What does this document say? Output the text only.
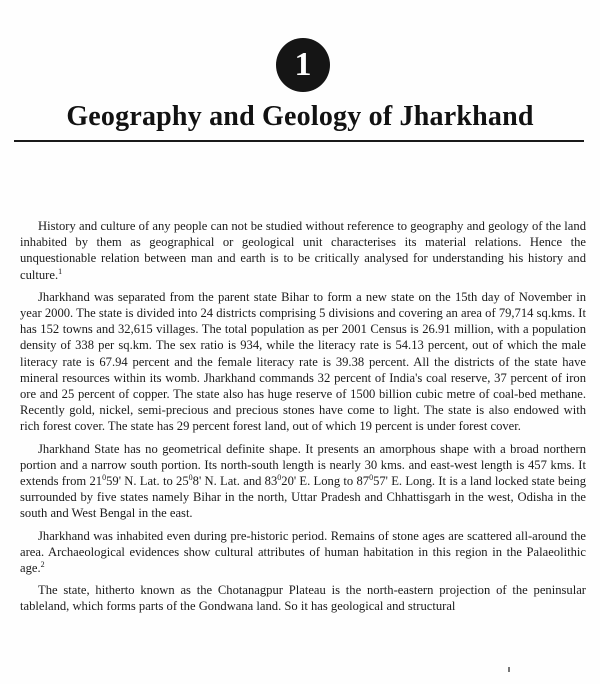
1
Geography and Geology of Jharkhand

History and culture of any people can not be studied without reference to geography and geology of the land inhabited by them as geographical or geological unit characterises its material relations. Hence the unquestionable relation between man and earth is to be critically analysed for understanding his history and culture.$^1$

Jharkhand was separated from the parent state Bihar to form a new state on the 15th day of November in year 2000. The state is divided into 24 districts comprising 5 divisions and covering an area of 79,714 sq.kms. It has 152 towns and 32,615 villages. The total population as per 2001 Census is 26.91 million, with a population density of 338 per sq.km. The sex ratio is 934, while the literacy rate is 54.13 percent, out of which the male literacy rate is 67.94 percent and the female literacy rate is 39.38 percent. All the districts of the state have mineral resources within its womb. Jharkhand commands 32 percent of India's coal reserve, 37 percent of iron ore and 25 percent of copper. The state also has huge reserve of 1500 billion cubic metre of coal-bed methane. Recently gold, nickel, semi-precious and precious stones have come to light. The state is also endowed with rich forest cover. The state has 29 percent forest land, out of which 19 percent is under forest cover.

Jharkhand State has no geometrical definite shape. It presents an amorphous shape with a broad northern portion and a narrow south portion. Its north-south length is nearly 30 kms. and east-west length is 457 kms. It extends from $21^059'$ N. Lat. to $25^08'$ N. Lat. and $83^020'$ E. Long to $87^057'$ E. Long. It is a land locked state being surrounded by five states namely Bihar in the north, Uttar Pradesh and Chhattisgarh in the west, Odisha in the south and West Bengal in the east.

Jharkhand was inhabited even during pre-historic period. Remains of stone ages are scattered all-around the area. Archaeological evidences show cultural attributes of human habitation in this region in the Palaeolithic age.$^2$

The state, hitherto known as the Chotanagpur Plateau is the north-eastern projection of the peninsular tableland, which forms parts of the Gondwana land. So it has geological and structural
